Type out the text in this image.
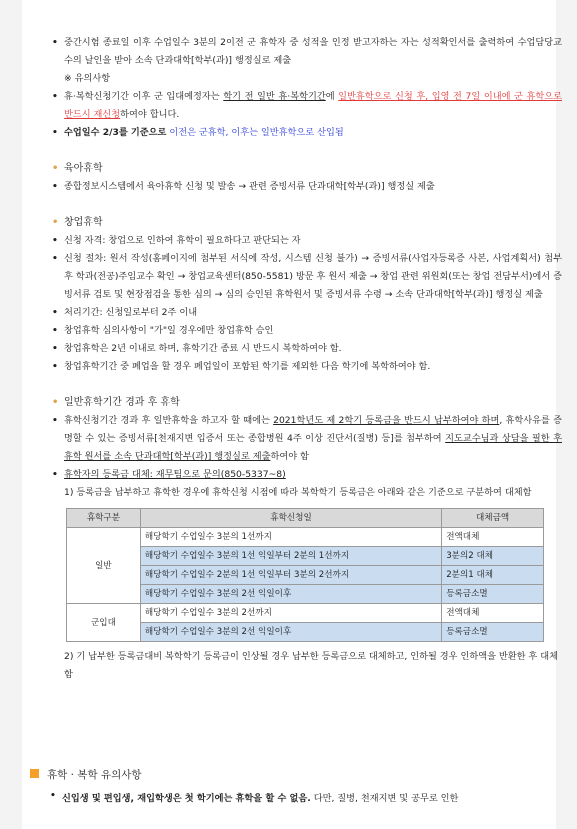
• 중간시험 종료일 이후 수업일수 3분의 2이전 군 휴학자 중 성적을 인정 받고자하는 자는 성적확인서를 출력하여 수업담당교수의 날인을 받아 소속 단과대학[학부(과)] 행정실로 제출
※ 유의사항
• 휴·복학신청기간 이후 군 입대예정자는 학기 전 일반 휴·복학기간에 일반휴학으로 신청 후, 입영 전 7일 이내에 군 휴학으로 반드시 재신청하여야 합니다.
• 수업일수 2/3를 기준으로 이전은 군휴학, 이후는 일반휴학으로 산입됨
• 육아휴학
• 종합정보시스템에서 육아휴학 신청 및 발송 → 관련 증빙서류 단과대학[학부(과)] 행정실 제출
• 창업휴학
• 신청 자격: 창업으로 인하여 휴학이 필요하다고 판단되는 자
• 신청 절차: 원서 작성(홈페이지에 첨부된 서식에 작성, 시스템 신청 불가) → 증빙서류(사업자등록증 사본, 사업계획서) 첨부 후 학과(전공)주임교수 확인 → 창업교육센터(850-5581) 방문 후 원서 제출 → 창업 관련 위원회(또는 창업 전담부서)에서 증빙서류 검토 및 현장점검을 통한 심의 → 심의 승인된 휴학원서 및 증빙서류 수령 → 소속 단과대학[학부(과)] 행정실 제출
• 처리기간: 신청일로부터 2주 이내
• 창업휴학 심의사항이 "가"일 경우에만 창업휴학 승인
• 창업휴학은 2년 이내로 하며, 휴학기간 종료 시 반드시 복학하여야 함.
• 창업휴학기간 중 폐업을 할 경우 폐업일이 포함된 학기를 제외한 다음 학기에 복학하여야 함.
• 일반휴학기간 경과 후 휴학
• 휴학신청기간 경과 후 일반휴학을 하고자 할 때에는 2021학년도 제 2학기 등록금을 반드시 납부하여야 하며, 휴학사유를 증명할 수 있는 증빙서류[천재지변 입증서 또는 종합병원 4주 이상 진단서(질병) 등]를 첨부하여 지도교수님과 상담을 필한 후 휴학 원서를 소속 단과대학[학부(과)] 행정실로 제출하여야 함
• 휴학자의 등록금 대체: 재무팀으로 문의(850-5337~8)
1) 등록금을 납부하고 휴학한 경우에 휴학신청 시점에 따라 복학학기 등록금은 아래와 같은 기준으로 구분하여 대체함
휴학구분	휴학신청일	대체금액
일반	해당학기 수업일수 3분의 1선까지	전액대체
	해당학기 수업일수 3분의 1선 익일부터 2분의 1선까지	3분의2 대체
	해당학기 수업일수 2분의 1선 익일부터 3분의 2선까지	2분의1 대체
	해당학기 수업일수 3분의 2선 익일이후	등록금소멸
군입대	해당학기 수업일수 3분의 2선까지	전액대체
	해당학기 수업일수 3분의 2선 익일이후	등록금소멸
2) 기 납부한 등록금대비 복학학기 등록금이 인상될 경우 납부한 등록금으로 대체하고, 인하될 경우 인하액을 반환한 후 대체함
휴학 · 복학 유의사항
• 신입생 및 편입생, 재입학생은 첫 학기에는 휴학을 할 수 없음. 다만, 질병, 천재지변 및 공무로 인한
